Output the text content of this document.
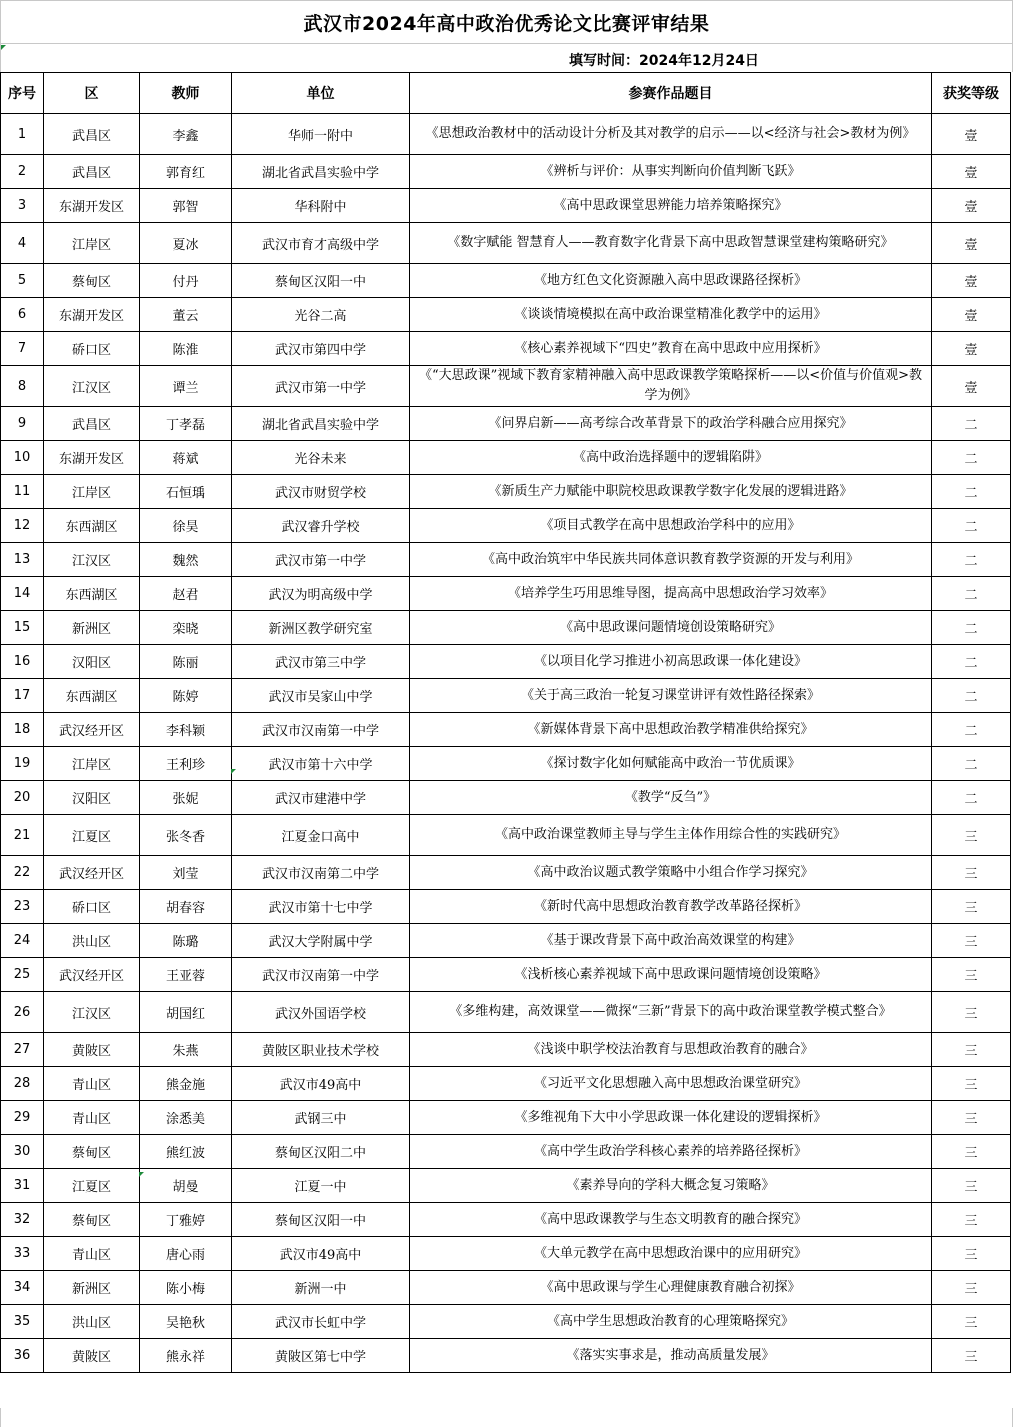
武汉市2024年高中政治优秀论文比赛评审结果
填写时间：2024年12月24日
序号	区	教师	单位	参赛作品题目	获奖等级
1	武昌区	李鑫	华师一附中	《思想政治教材中的活动设计分析及其对教学的启示——以<经济与社会>教材为例》	壹
2	武昌区	郭育红	湖北省武昌实验中学	《辨析与评价：从事实判断向价值判断飞跃》	壹
3	东湖开发区	郭智	华科附中	《高中思政课堂思辨能力培养策略探究》	壹
4	江岸区	夏冰	武汉市育才高级中学	《数字赋能 智慧育人——教育数字化背景下高中思政智慧课堂建构策略研究》	壹
5	蔡甸区	付丹	蔡甸区汉阳一中	《地方红色文化资源融入高中思政课路径探析》	壹
6	东湖开发区	董云	光谷二高	《谈谈情境模拟在高中政治课堂精准化教学中的运用》	壹
7	硚口区	陈淮	武汉市第四中学	《核心素养视域下“四史”教育在高中思政中应用探析》	壹
8	江汉区	谭兰	武汉市第一中学	《“大思政课”视域下教育家精神融入高中思政课教学策略探析——以<价值与价值观>教学为例》	壹
9	武昌区	丁孝磊	湖北省武昌实验中学	《问界启新——高考综合改革背景下的政治学科融合应用探究》	二
10	东湖开发区	蒋斌	光谷未来	《高中政治选择题中的逻辑陷阱》	二
11	江岸区	石恒瑀	武汉市财贸学校	《新质生产力赋能中职院校思政课教学数字化发展的逻辑进路》	二
12	东西湖区	徐昊	武汉睿升学校	《项目式教学在高中思想政治学科中的应用》	二
13	江汉区	魏然	武汉市第一中学	《高中政治筑牢中华民族共同体意识教育教学资源的开发与利用》	二
14	东西湖区	赵君	武汉为明高级中学	《培养学生巧用思维导图，提高高中思想政治学习效率》	二
15	新洲区	栾晓	新洲区教学研究室	《高中思政课问题情境创设策略研究》	二
16	汉阳区	陈丽	武汉市第三中学	《以项目化学习推进小初高思政课一体化建设》	二
17	东西湖区	陈婷	武汉市吴家山中学	《关于高三政治一轮复习课堂讲评有效性路径探索》	二
18	武汉经开区	李科颖	武汉市汉南第一中学	《新媒体背景下高中思想政治教学精准供给探究》	二
19	江岸区	王利珍	武汉市第十六中学	《探讨数字化如何赋能高中政治一节优质课》	二
20	汉阳区	张妮	武汉市建港中学	《教学“反刍”》	二
21	江夏区	张冬香	江夏金口高中	《高中政治课堂教师主导与学生主体作用综合性的实践研究》	三
22	武汉经开区	刘莹	武汉市汉南第二中学	《高中政治议题式教学策略中小组合作学习探究》	三
23	硚口区	胡春容	武汉市第十七中学	《新时代高中思想政治教育教学改革路径探析》	三
24	洪山区	陈璐	武汉大学附属中学	《基于课改背景下高中政治高效课堂的构建》	三
25	武汉经开区	王亚蓉	武汉市汉南第一中学	《浅析核心素养视域下高中思政课问题情境创设策略》	三
26	江汉区	胡国红	武汉外国语学校	《多维构建，高效课堂——微探“三新”背景下的高中政治课堂教学模式整合》	三
27	黄陂区	朱燕	黄陂区职业技术学校	《浅谈中职学校法治教育与思想政治教育的融合》	三
28	青山区	熊金施	武汉市49高中	《习近平文化思想融入高中思想政治课堂研究》	三
29	青山区	涂悉美	武钢三中	《多维视角下大中小学思政课一体化建设的逻辑探析》	三
30	蔡甸区	熊红波	蔡甸区汉阳二中	《高中学生政治学科核心素养的培养路径探析》	三
31	江夏区	胡曼	江夏一中	《素养导向的学科大概念复习策略》	三
32	蔡甸区	丁雅婷	蔡甸区汉阳一中	《高中思政课教学与生态文明教育的融合探究》	三
33	青山区	唐心雨	武汉市49高中	《大单元教学在高中思想政治课中的应用研究》	三
34	新洲区	陈小梅	新洲一中	《高中思政课与学生心理健康教育融合初探》	三
35	洪山区	吴艳秋	武汉市长虹中学	《高中学生思想政治教育的心理策略探究》	三
36	黄陂区	熊永祥	黄陂区第七中学	《落实实事求是，推动高质量发展》	三
